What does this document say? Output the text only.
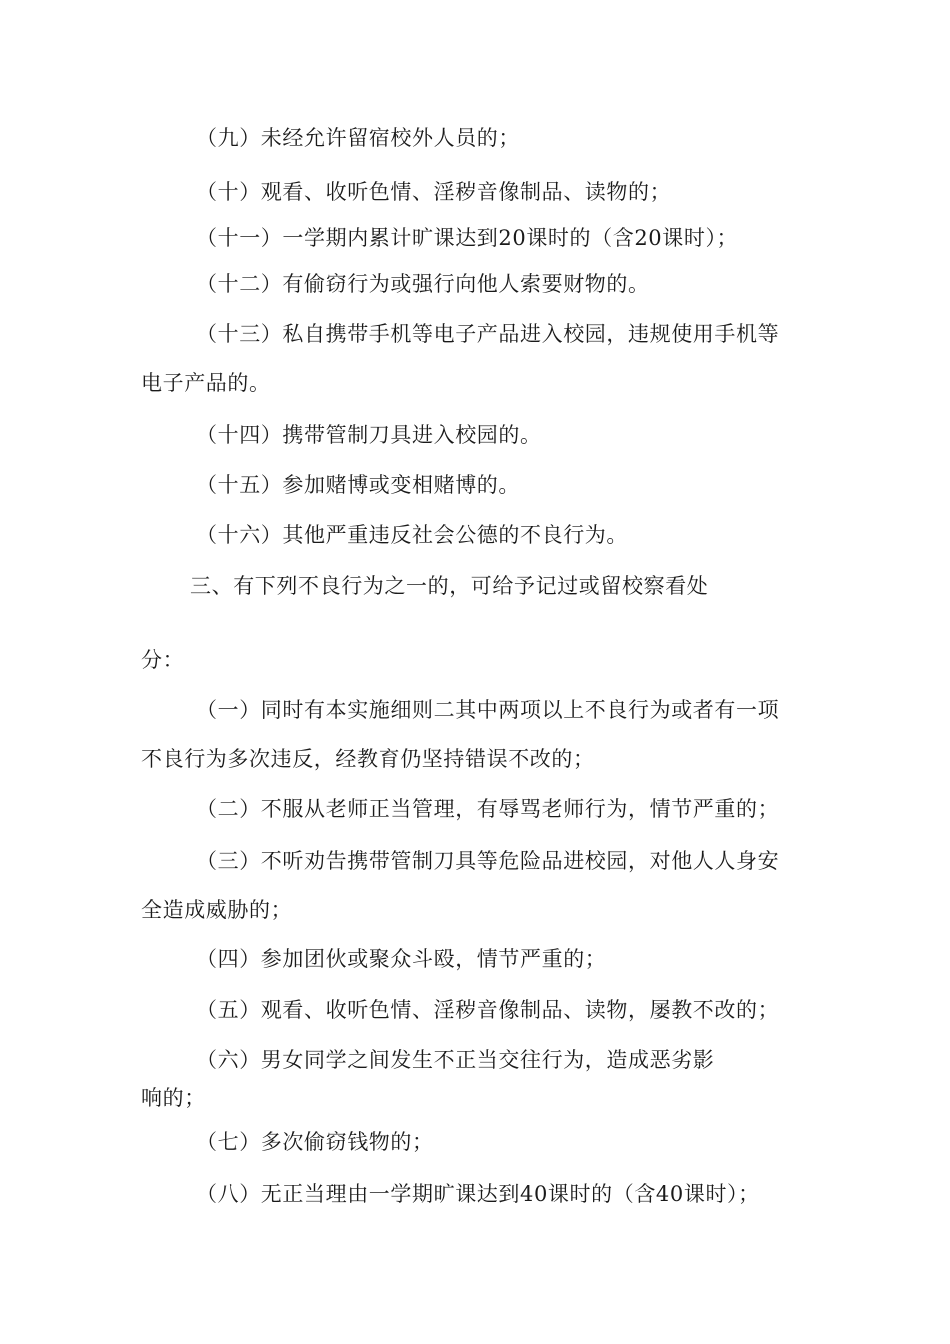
（九）未经允许留宿校外人员的；

（十）观看、收听色情、淫秽音像制品、读物的；

（十一）一学期内累计旷课达到20课时的（含20课时）；

（十二）有偷窃行为或强行向他人索要财物的。

（十三）私自携带手机等电子产品进入校园，违规使用手机等

电子产品的。

（十四）携带管制刀具进入校园的。

（十五）参加赌博或变相赌博的。

（十六）其他严重违反社会公德的不良行为。

三、有下列不良行为之一的，可给予记过或留校察看处

分：

（一）同时有本实施细则二其中两项以上不良行为或者有一项

不良行为多次违反，经教育仍坚持错误不改的；

（二）不服从老师正当管理，有辱骂老师行为，情节严重的；

（三）不听劝告携带管制刀具等危险品进校园，对他人人身安

全造成威胁的；

（四）参加团伙或聚众斗殴，情节严重的；

（五）观看、收听色情、淫秽音像制品、读物，屡教不改的；

（六）男女同学之间发生不正当交往行为，造成恶劣影

响的；

（七）多次偷窃钱物的；

（八）无正当理由一学期旷课达到40课时的（含40课时）；
